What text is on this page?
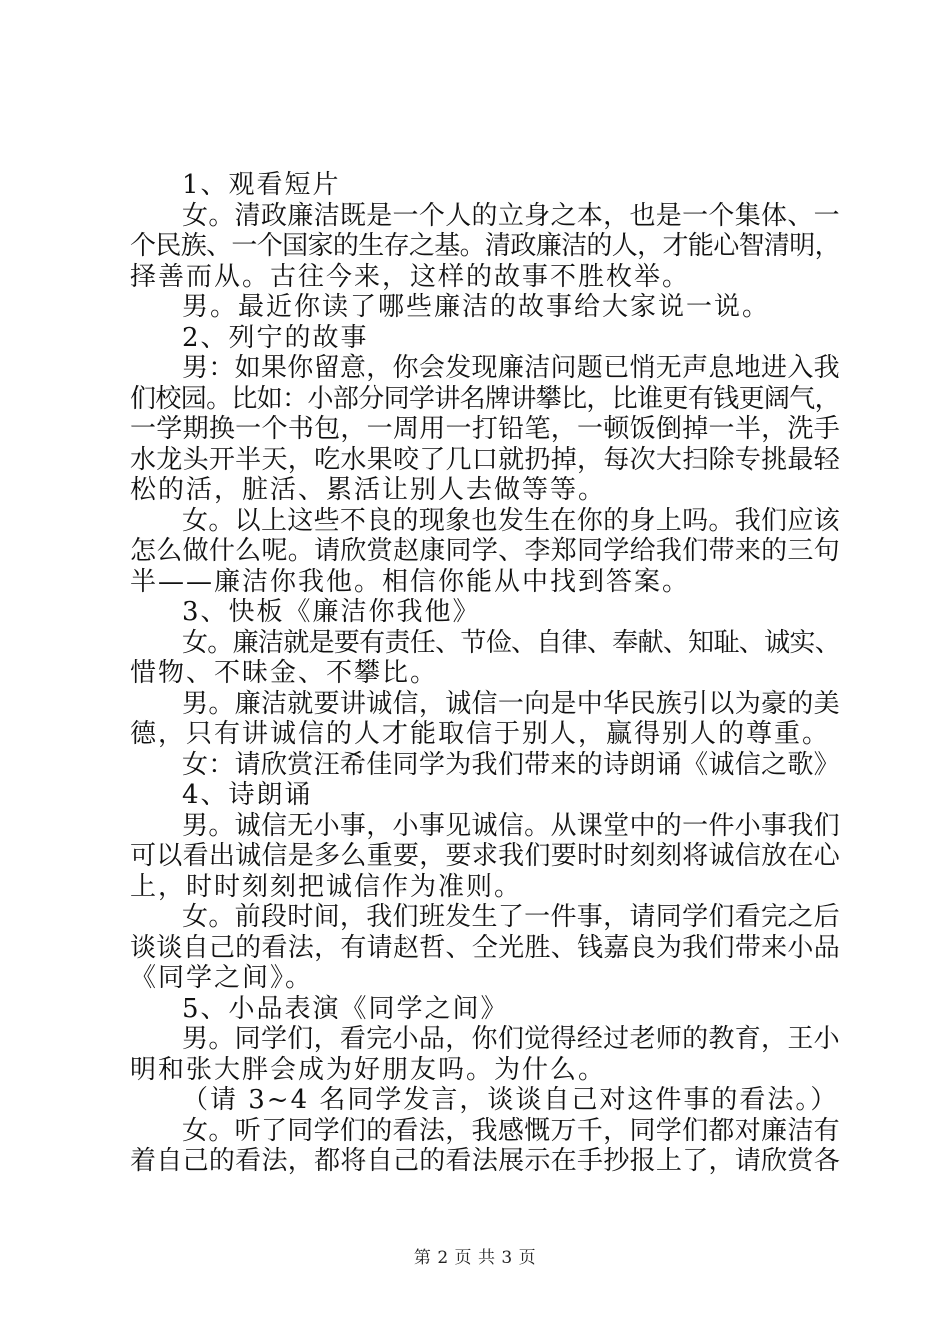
1、观看短片
女。清政廉洁既是一个人的立身之本，也是一个集体、一
个民族、一个国家的生存之基。清政廉洁的人，才能心智清明，
择善而从。古往今来，这样的故事不胜枚举。
男。最近你读了哪些廉洁的故事给大家说一说。
2、列宁的故事
男：如果你留意，你会发现廉洁问题已悄无声息地进入我
们校园。比如：小部分同学讲名牌讲攀比，比谁更有钱更阔气，
一学期换一个书包，一周用一打铅笔，一顿饭倒掉一半，洗手
水龙头开半天，吃水果咬了几口就扔掉，每次大扫除专挑最轻
松的活，脏活、累活让别人去做等等。
女。以上这些不良的现象也发生在你的身上吗。我们应该
怎么做什么呢。请欣赏赵康同学、李郑同学给我们带来的三句
半——廉洁你我他。相信你能从中找到答案。
3、快板《廉洁你我他》
女。廉洁就是要有责任、节俭、自律、奉献、知耻、诚实、
惜物、不昧金、不攀比。
男。廉洁就要讲诚信，诚信一向是中华民族引以为豪的美
德，只有讲诚信的人才能取信于别人，赢得别人的尊重。
女：请欣赏汪希佳同学为我们带来的诗朗诵《诚信之歌》
4、诗朗诵
男。诚信无小事，小事见诚信。从课堂中的一件小事我们
可以看出诚信是多么重要，要求我们要时时刻刻将诚信放在心
上，时时刻刻把诚信作为准则。
女。前段时间，我们班发生了一件事，请同学们看完之后
谈谈自己的看法，有请赵哲、仝光胜、钱嘉良为我们带来小品
《同学之间》。
5、小品表演《同学之间》
男。同学们，看完小品，你们觉得经过老师的教育，王小
明和张大胖会成为好朋友吗。为什么。
（请 3~4 名同学发言，谈谈自己对这件事的看法。）
女。听了同学们的看法，我感慨万千，同学们都对廉洁有
着自己的看法，都将自己的看法展示在手抄报上了，请欣赏各
第 2 页 共 3 页
